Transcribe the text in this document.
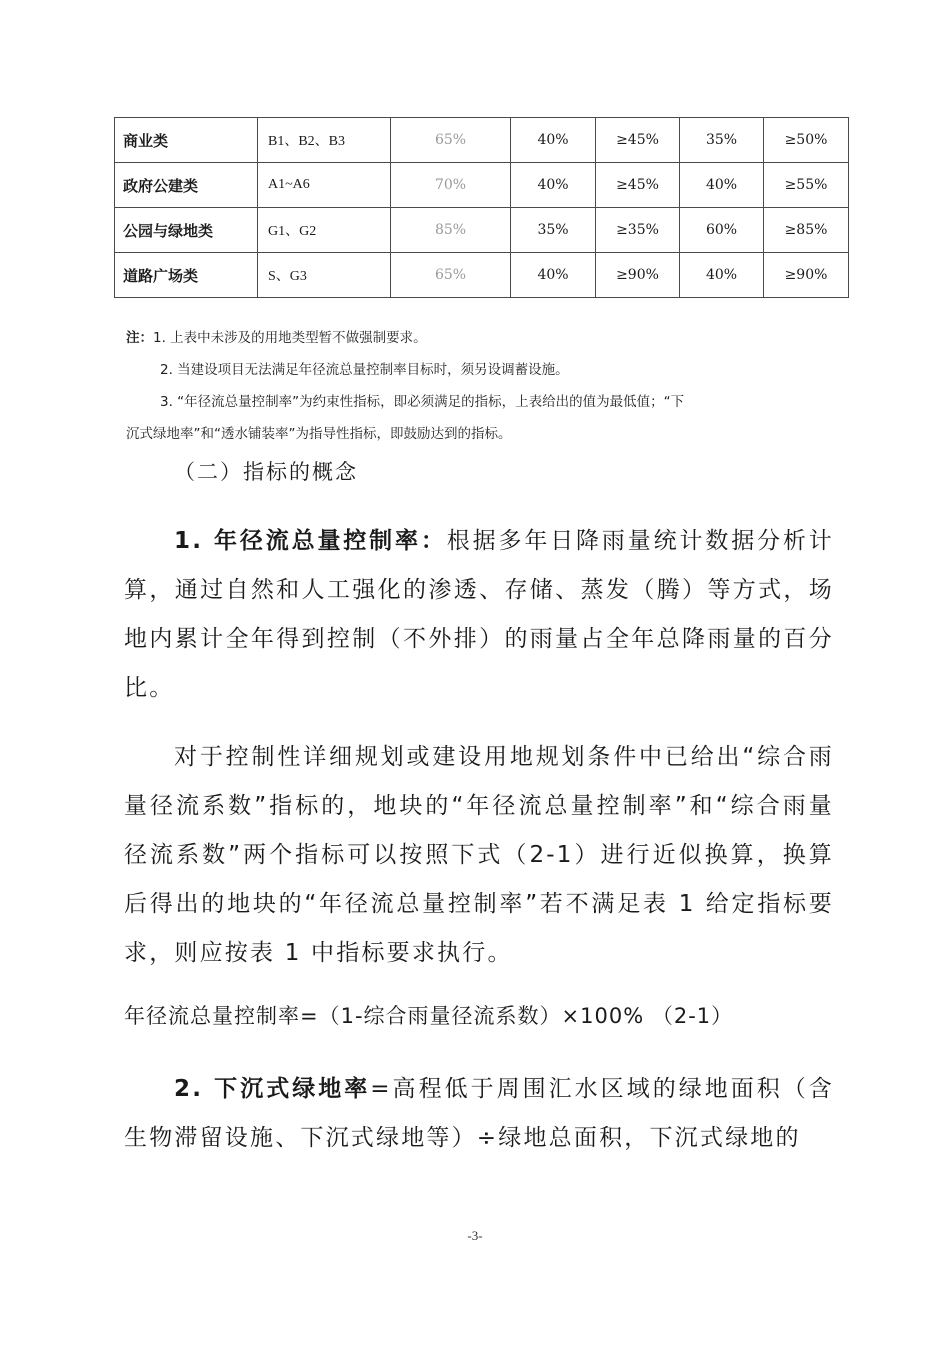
商业类	B1、B2、B3	65%	40%	≥45%	35%	≥50%
政府公建类	A1~A6	70%	40%	≥45%	40%	≥55%
公园与绿地类	G1、G2	85%	35%	≥35%	60%	≥85%
道路广场类	S、G3	65%	40%	≥90%	40%	≥90%
注：1. 上表中未涉及的用地类型暂不做强制要求。
2. 当建设项目无法满足年径流总量控制率目标时，须另设调蓄设施。
3. “年径流总量控制率”为约束性指标，即必须满足的指标，上表给出的值为最低值；“下
沉式绿地率”和“透水铺装率”为指导性指标，即鼓励达到的指标。
（二）指标的概念
1. 年径流总量控制率：根据多年日降雨量统计数据分析计算，通过自然和人工强化的渗透、存储、蒸发（腾）等方式，场地内累计全年得到控制（不外排）的雨量占全年总降雨量的百分比。
对于控制性详细规划或建设用地规划条件中已给出“综合雨量径流系数”指标的，地块的“年径流总量控制率”和“综合雨量径流系数”两个指标可以按照下式（2-1）进行近似换算，换算后得出的地块的“年径流总量控制率”若不满足表 1 给定指标要求，则应按表 1 中指标要求执行。
年径流总量控制率=（1-综合雨量径流系数）×100% （2-1）
2. 下沉式绿地率=高程低于周围汇水区域的绿地面积（含生物滞留设施、下沉式绿地等）÷绿地总面积，下沉式绿地的
-3-
